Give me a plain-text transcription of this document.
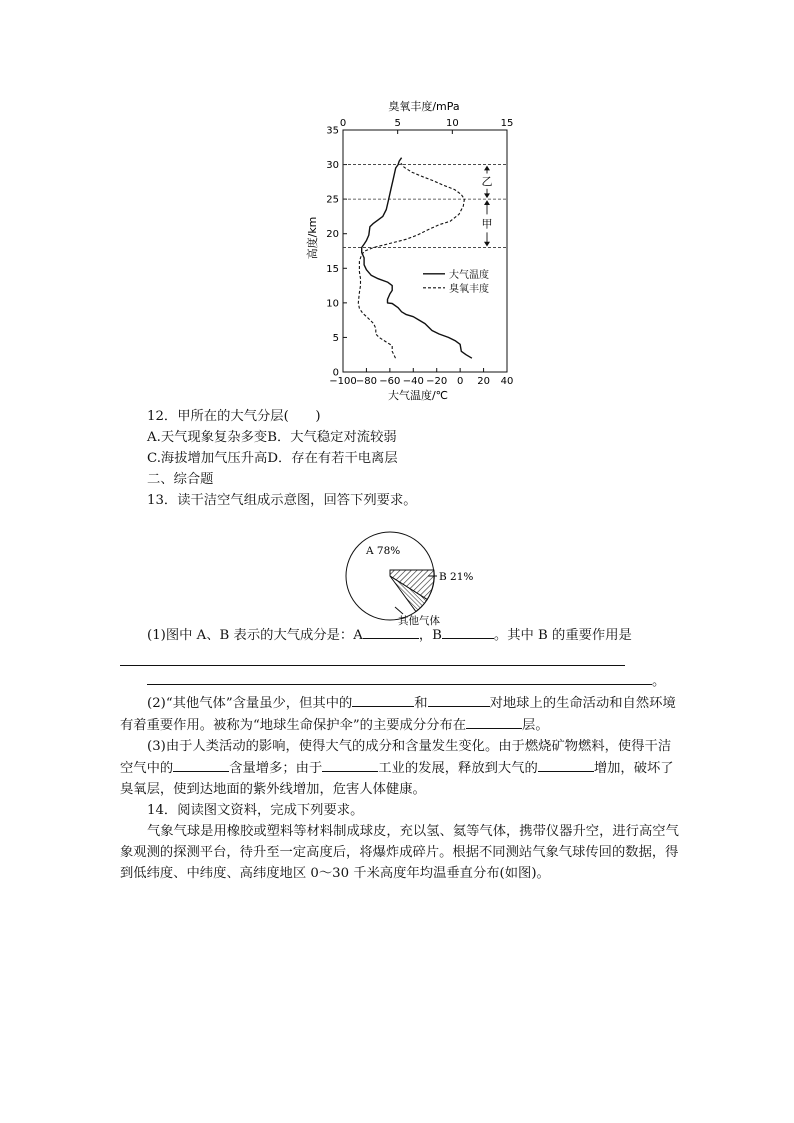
臭氧丰度/mPa
高度/km
大气温度/℃
0
5
10
15
20
25
30
35
−100 −80 −60 −40 −20 0 20 40
0	5	10	15
乙
甲
大气温度
臭氧丰度

12．甲所在的大气分层(　　)

A.天气现象复杂多变B．大气稳定对流较弱

C.海拔增加气压升高D．存在有若干电离层

二、综合题

13．读干洁空气组成示意图，回答下列要求。

(1)图中 A、B 表示的大气成分是：A	，B	。其中 B 的重要作用是

。

(2)“其他气体”含量虽少，但其中的	和	对地球上的生命活动和自然环境有着重要作用。被称为“地球生命保护伞”的主要成分分布在	层。

(3)由于人类活动的影响，使得大气的成分和含量发生变化。由于燃烧矿物燃料，使得干洁空气中的	含量增多；由于	工业的发展，释放到大气的	增加，破坏了臭氧层，使到达地面的紫外线增加，危害人体健康。

14．阅读图文资料，完成下列要求。

气象气球是用橡胶或塑料等材料制成球皮，充以氢、氦等气体，携带仪器升空，进行高空气象观测的探测平台，待升至一定高度后，将爆炸成碎片。根据不同测站气象气球传回的数据，得到低纬度、中纬度、高纬度地区 0～30 千米高度年均温垂直分布(如图)。

A 78%
B 21%
其他气体
